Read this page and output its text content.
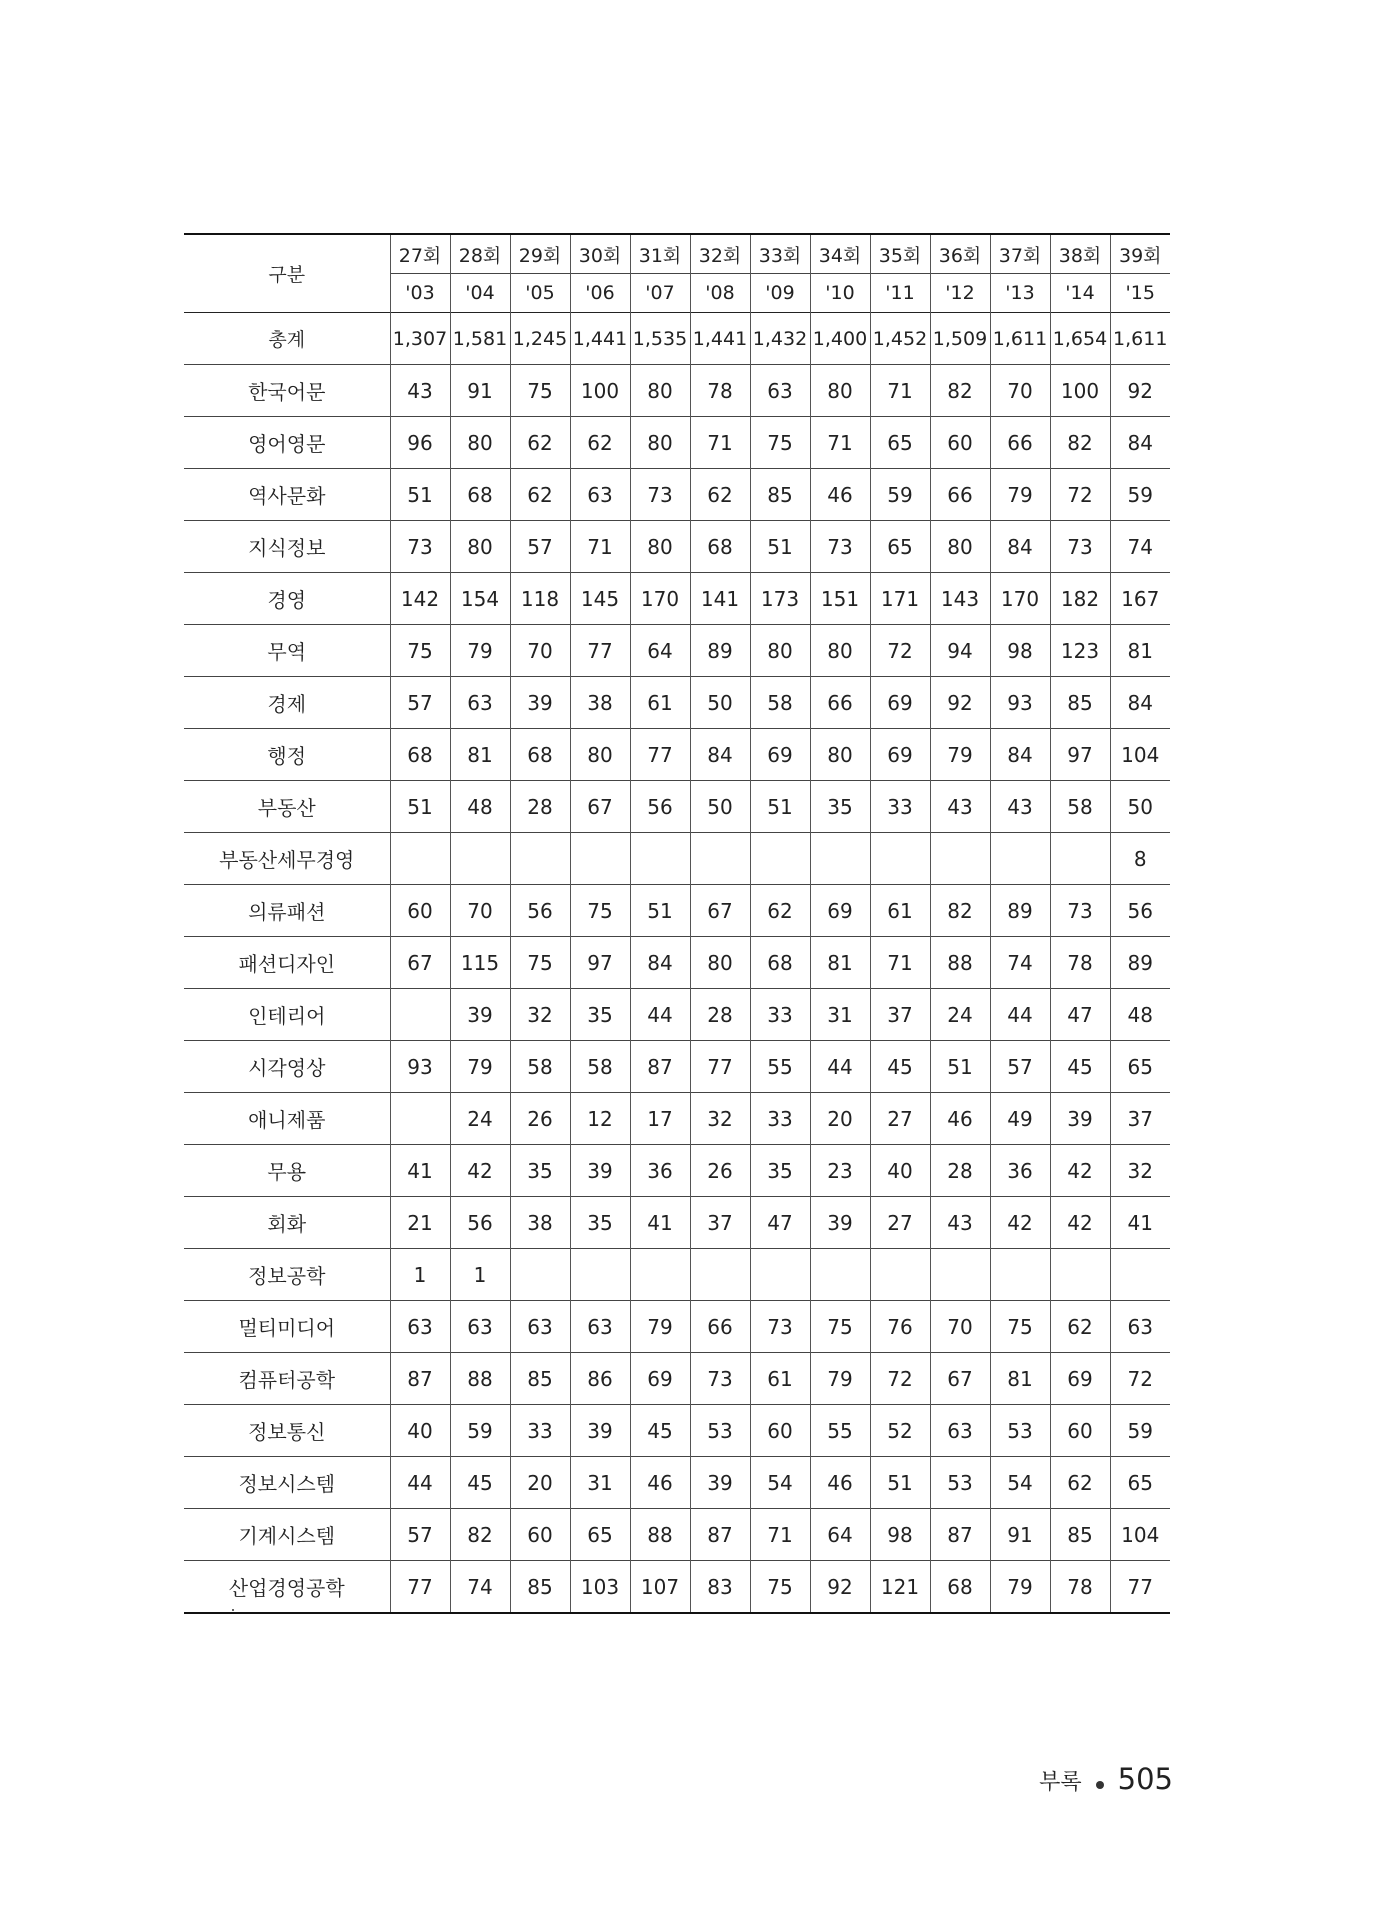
구분	27회	28회	29회	30회	31회	32회	33회	34회	35회	36회	37회	38회	39회
	'03	'04	'05	'06	'07	'08	'09	'10	'11	'12	'13	'14	'15
총계	1,307	1,581	1,245	1,441	1,535	1,441	1,432	1,400	1,452	1,509	1,611	1,654	1,611
한국어문	43	91	75	100	80	78	63	80	71	82	70	100	92
영어영문	96	80	62	62	80	71	75	71	65	60	66	82	84
역사문화	51	68	62	63	73	62	85	46	59	66	79	72	59
지식정보	73	80	57	71	80	68	51	73	65	80	84	73	74
경영	142	154	118	145	170	141	173	151	171	143	170	182	167
무역	75	79	70	77	64	89	80	80	72	94	98	123	81
경제	57	63	39	38	61	50	58	66	69	92	93	85	84
행정	68	81	68	80	77	84	69	80	69	79	84	97	104
부동산	51	48	28	67	56	50	51	35	33	43	43	58	50
부동산세무경영													8
의류패션	60	70	56	75	51	67	62	69	61	82	89	73	56
패션디자인	67	115	75	97	84	80	68	81	71	88	74	78	89
인테리어		39	32	35	44	28	33	31	37	24	44	47	48
시각영상	93	79	58	58	87	77	55	44	45	51	57	45	65
애니제품		24	26	12	17	32	33	20	27	46	49	39	37
무용	41	42	35	39	36	26	35	23	40	28	36	42	32
회화	21	56	38	35	41	37	47	39	27	43	42	42	41
정보공학	1	1											
멀티미디어	63	63	63	63	79	66	73	75	76	70	75	62	63
컴퓨터공학	87	88	85	86	69	73	61	79	72	67	81	69	72
정보통신	40	59	33	39	45	53	60	55	52	63	53	60	59
정보시스템	44	45	20	31	46	39	54	46	51	53	54	62	65
기계시스템	57	82	60	65	88	87	71	64	98	87	91	85	104
산업경영공학	77	74	85	103	107	83	75	92	121	68	79	78	77
부록 505
